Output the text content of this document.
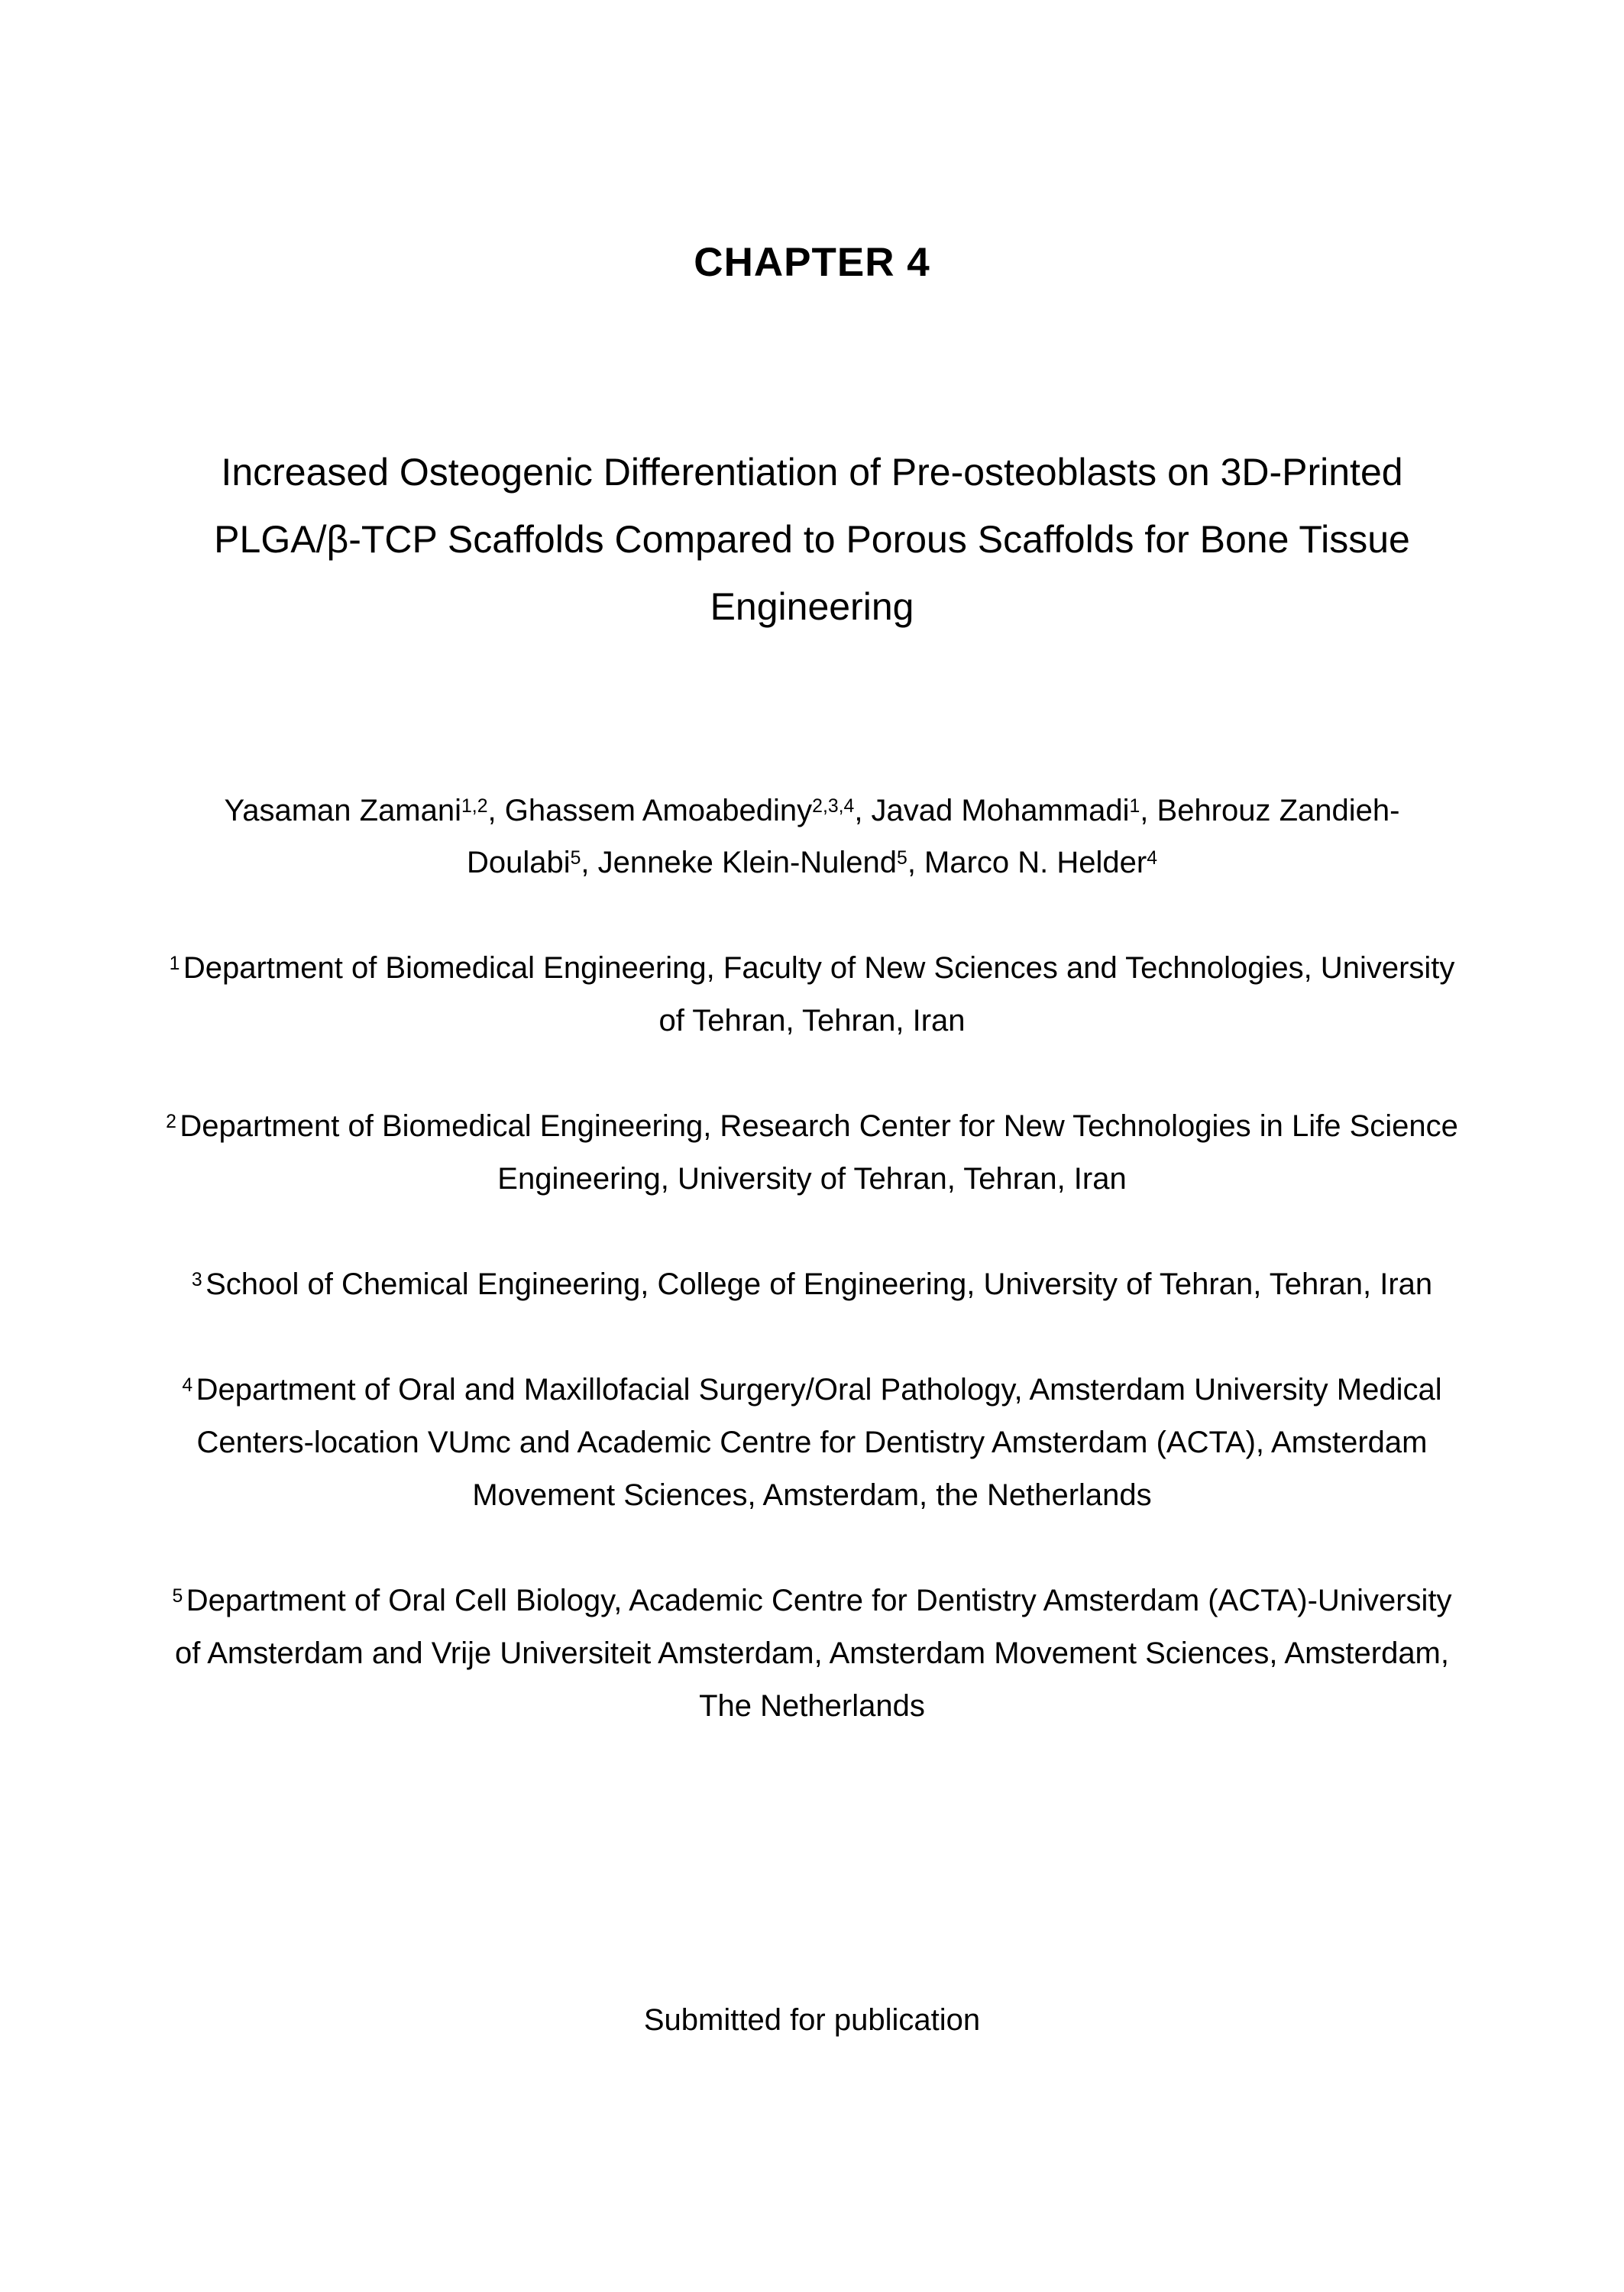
CHAPTER 4
Increased Osteogenic Differentiation of Pre-osteoblasts on 3D-Printed PLGA/β-TCP Scaffolds Compared to Porous Scaffolds for Bone Tissue Engineering
Yasaman Zamani$^{1,2}$, Ghassem Amoabediny$^{2,3,4}$, Javad Mohammadi$^1$, Behrouz Zandieh-Doulabi$^5$, Jenneke Klein-Nulend$^5$, Marco N. Helder$^4$
$^1$ Department of Biomedical Engineering, Faculty of New Sciences and Technologies, University of Tehran, Tehran, Iran
$^2$ Department of Biomedical Engineering, Research Center for New Technologies in Life Science Engineering, University of Tehran, Tehran, Iran
$^3$ School of Chemical Engineering, College of Engineering, University of Tehran, Tehran, Iran
$^4$ Department of Oral and Maxillofacial Surgery/Oral Pathology, Amsterdam University Medical Centers-location VUmc and Academic Centre for Dentistry Amsterdam (ACTA), Amsterdam Movement Sciences, Amsterdam, the Netherlands
$^5$ Department of Oral Cell Biology, Academic Centre for Dentistry Amsterdam (ACTA)-University of Amsterdam and Vrije Universiteit Amsterdam, Amsterdam Movement Sciences, Amsterdam, The Netherlands
Submitted for publication
